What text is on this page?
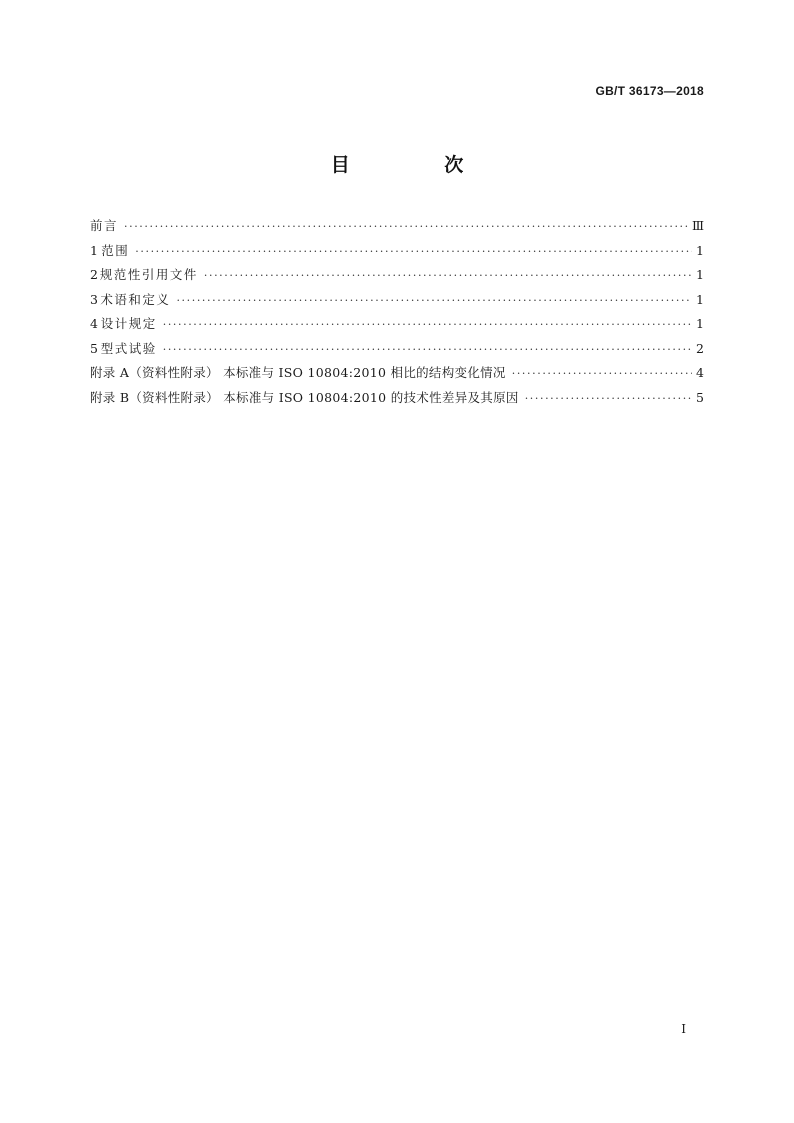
GB/T 36173—2018
目 次
前言 ·····	Ⅲ
1 范围 ·····	1
2 规范性引用文件 ·····	1
3 术语和定义 ·····	1
4 设计规定 ·····	1
5 型式试验 ·····	2
附录 A（资料性附录） 本标准与 ISO 10804:2010 相比的结构变化情况 ·····	4
附录 B（资料性附录） 本标准与 ISO 10804:2010 的技术性差异及其原因 ·····	5
I
